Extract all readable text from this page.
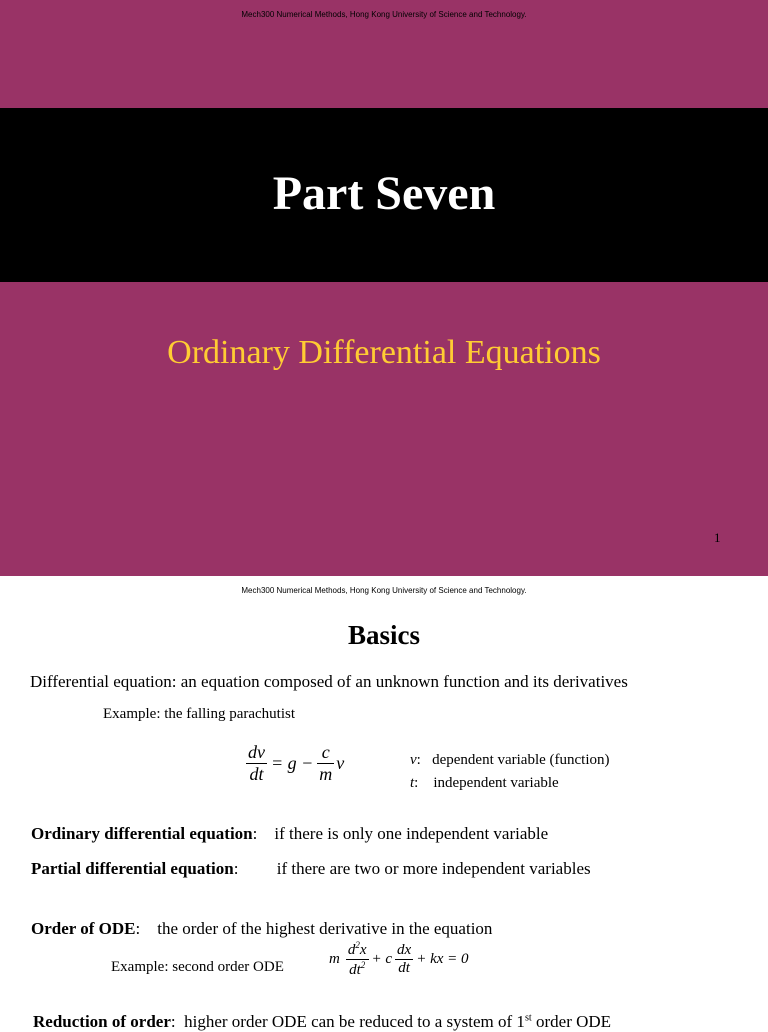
Mech300 Numerical Methods, Hong Kong University of Science and Technology.
Part Seven
Ordinary Differential Equations
1
Mech300 Numerical Methods, Hong Kong University of Science and Technology.
Basics
Differential equation: an equation composed of an unknown function and its derivatives
Example: the falling parachutist
$\frac{dv}{dt} = g - \frac{c}{m}$ v	v:   dependent variable (function)
t:    independent variable
Ordinary differential equation:    if there is only one independent variable
Partial differential equation:         if there are two or more independent variables
Order of ODE:    the order of the highest derivative in the equation
Example: second order ODE	m $\frac{d^2x}{dt^2} + c \frac{dx}{dt}$ + kx = 0
Reduction of order:  higher order ODE can be reduced to a system of 1st order ODE
